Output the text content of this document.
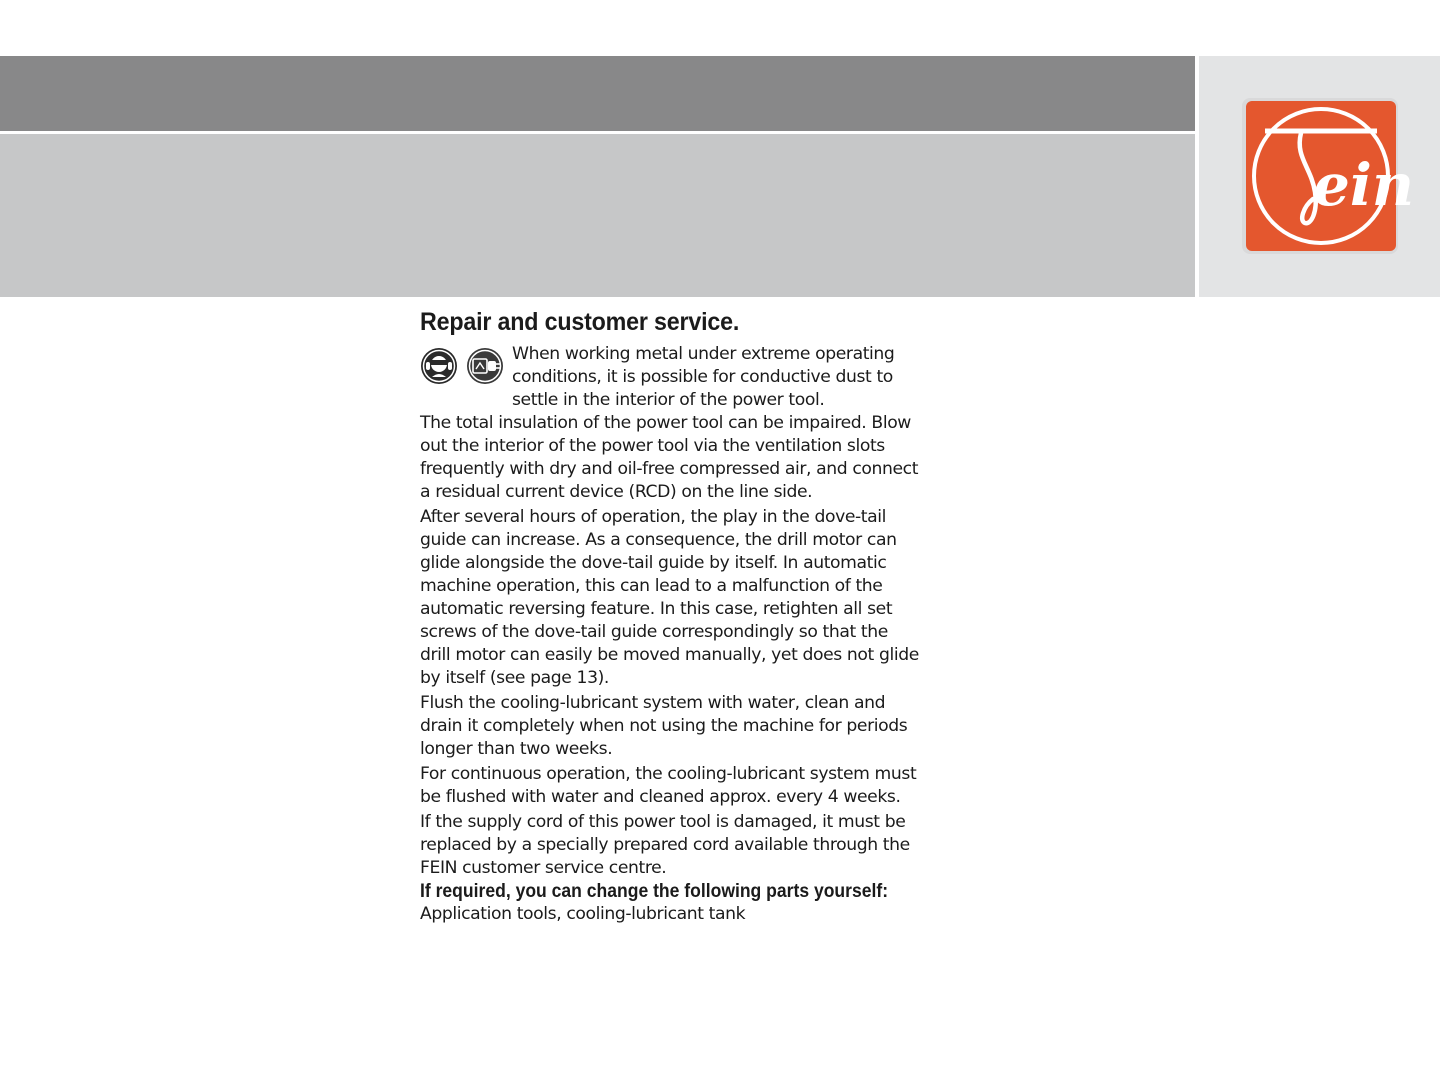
ein
Repair and customer service.

When working metal under extreme operating conditions, it is possible for conductive dust to settle in the interior of the power tool.

The total insulation of the power tool can be impaired. Blow out the interior of the power tool via the ventilation slots frequently with dry and oil-free compressed air, and connect a residual current device (RCD) on the line side.

After several hours of operation, the play in the dove-tail guide can increase. As a consequence, the drill motor can glide alongside the dove-tail guide by itself. In automatic machine operation, this can lead to a malfunction of the automatic reversing feature. In this case, retighten all set screws of the dove-tail guide correspondingly so that the drill motor can easily be moved manually, yet does not glide by itself (see page 13).

Flush the cooling-lubricant system with water, clean and drain it completely when not using the machine for periods longer than two weeks.

For continuous operation, the cooling-lubricant system must be flushed with water and cleaned approx. every 4 weeks.

If the supply cord of this power tool is damaged, it must be replaced by a specially prepared cord available through the FEIN customer service centre.

If required, you can change the following parts yourself:

Application tools, cooling-lubricant tank
